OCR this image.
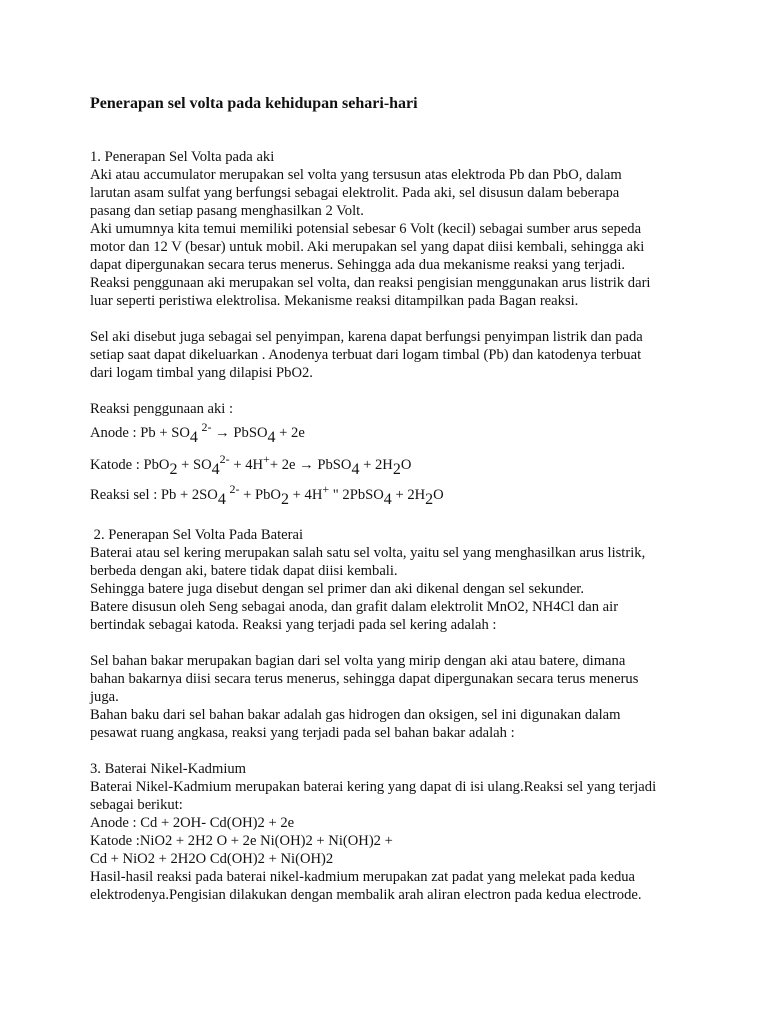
Penerapan sel volta pada kehidupan sehari-hari
1. Penerapan Sel Volta pada aki
Aki atau accumulator merupakan sel volta yang tersusun atas elektroda Pb dan PbO, dalam
larutan asam sulfat yang berfungsi sebagai elektrolit. Pada aki, sel disusun dalam beberapa
pasang dan setiap pasang menghasilkan 2 Volt.
Aki umumnya kita temui memiliki potensial sebesar 6 Volt (kecil) sebagai sumber arus sepeda
motor dan 12 V (besar) untuk mobil. Aki merupakan sel yang dapat diisi kembali, sehingga aki
dapat dipergunakan secara terus menerus. Sehingga ada dua mekanisme reaksi yang terjadi.
Reaksi penggunaan aki merupakan sel volta, dan reaksi pengisian menggunakan arus listrik dari
luar seperti peristiwa elektrolisa. Mekanisme reaksi ditampilkan pada Bagan reaksi.
Sel aki disebut juga sebagai sel penyimpan, karena dapat berfungsi penyimpan listrik dan pada
setiap saat dapat dikeluarkan . Anodenya terbuat dari logam timbal (Pb) dan katodenya terbuat
dari logam timbal yang dilapisi PbO2.
Reaksi penggunaan aki :
Anode : $Pb + SO_4$ $^{2-}$ → PbSO$_4$ + 2e
Katode : $PbO_2 + SO_4^{2-} + 4H^++ 2e$ → PbSO$_4$ + $2H_2O$
Reaksi sel : $Pb + 2SO_4$ $^{2-}$ + PbO$_2$ + 4H+ " 2PbSO$_4$ + $2H_2O$
2. Penerapan Sel Volta Pada Baterai
Baterai atau sel kering merupakan salah satu sel volta, yaitu sel yang menghasilkan arus listrik,
berbeda dengan aki, batere tidak dapat diisi kembali.
Sehingga batere juga disebut dengan sel primer dan aki dikenal dengan sel sekunder.
Batere disusun oleh Seng sebagai anoda, dan grafit dalam elektrolit MnO2, NH4Cl dan air
bertindak sebagai katoda. Reaksi yang terjadi pada sel kering adalah :
Sel bahan bakar merupakan bagian dari sel volta yang mirip dengan aki atau batere, dimana
bahan bakarnya diisi secara terus menerus, sehingga dapat dipergunakan secara terus menerus
juga.
Bahan baku dari sel bahan bakar adalah gas hidrogen dan oksigen, sel ini digunakan dalam
pesawat ruang angkasa, reaksi yang terjadi pada sel bahan bakar adalah :
3. Baterai Nikel-Kadmium
Baterai Nikel-Kadmium merupakan baterai kering yang dapat di isi ulang.Reaksi sel yang terjadi
sebagai berikut:
Anode : Cd + 2OH- Cd(OH)2 + 2e
Katode :NiO2 + 2H2 O + 2e Ni(OH)2 + Ni(OH)2 +
Cd + NiO2 + 2H2O Cd(OH)2 + Ni(OH)2
Hasil-hasil reaksi pada baterai nikel-kadmium merupakan zat padat yang melekat pada kedua
elektrodenya.Pengisian dilakukan dengan membalik arah aliran electron pada kedua electrode.
